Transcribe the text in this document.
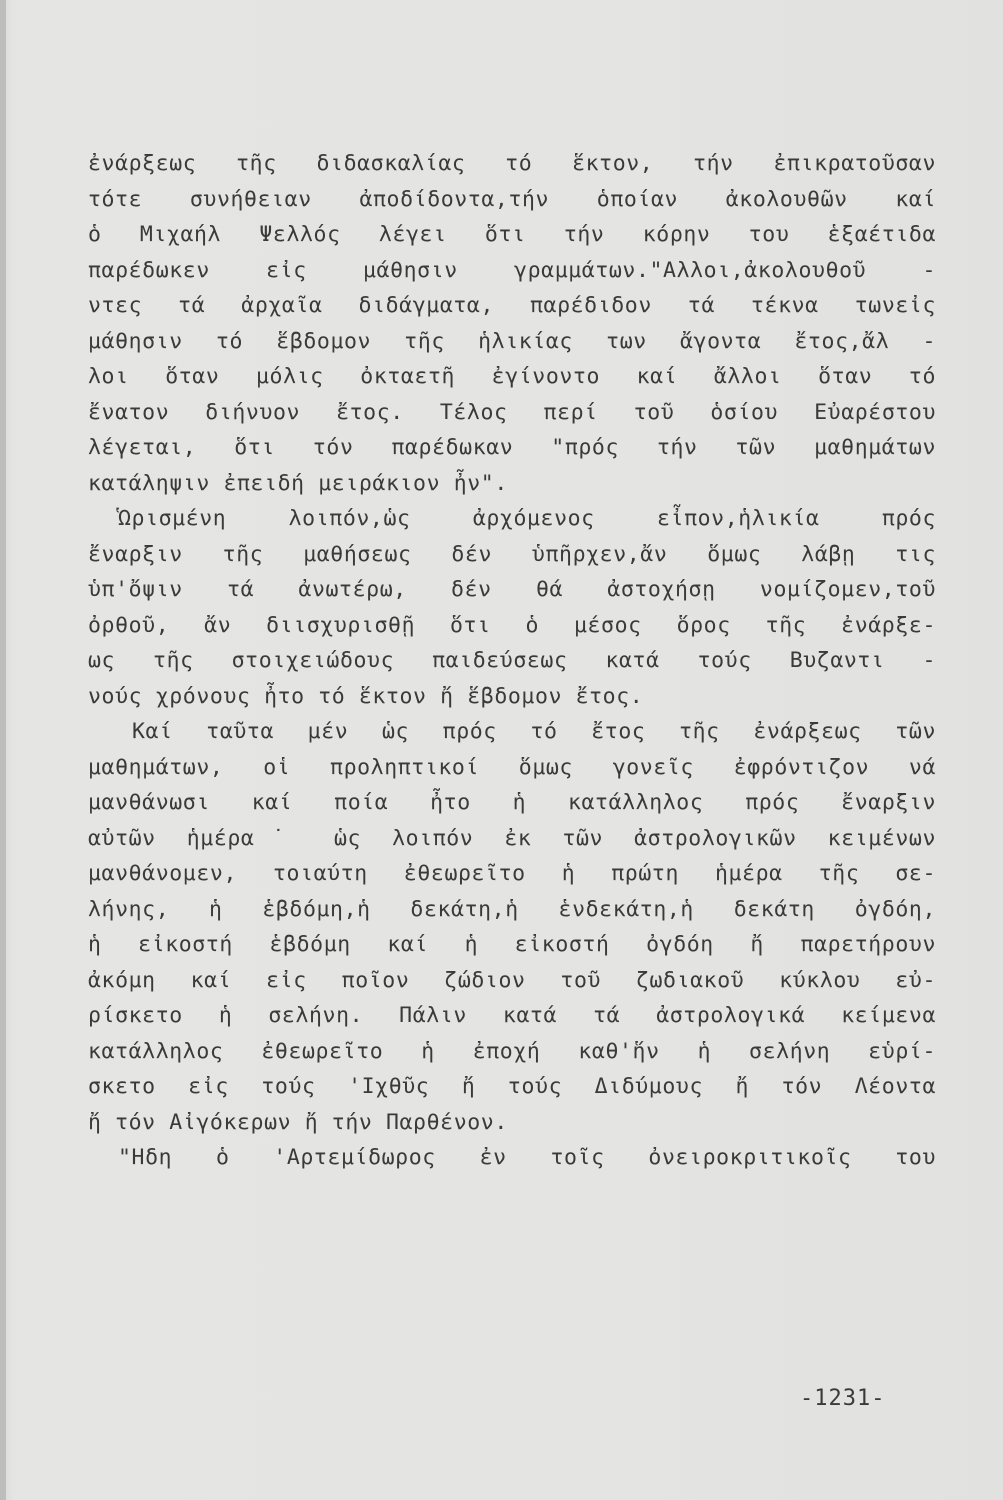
ἐνάρξεως τῆς διδασκαλίας τό ἕκτον, τήν ἐπικρατοῦσαν
τότε συνήθειαν ἀποδίδοντα,τήν ὁποίαν ἀκολουθῶν καί
ὁ Μιχαήλ Ψελλός λέγει ὅτι τήν κόρην του ἑξαέτιδα
παρέδωκεν εἰς μάθησιν γραμμάτων."Αλλοι,ἀκολουθοῦ -
ντες τά ἀρχαῖα διδάγματα, παρέδιδον τά τέκνα τωνεἰς
μάθησιν τό ἕβδομον τῆς ἡλικίας των ἄγοντα ἔτος,ἄλ -
λοι ὅταν μόλις ὀκταετῆ ἐγίνοντο καί ἄλλοι ὅταν τό
ἔνατον διήνυον ἔτος. Τέλος περί τοῦ ὁσίου Εὐαρέστου
λέγεται, ὅτι τόν παρέδωκαν "πρός τήν τῶν μαθημάτων
κατάληψιν ἐπειδή μειράκιον ἦν".
Ὡρισμένη λοιπόν,ὡς ἀρχόμενος εἶπον,ἡλικία πρός
ἔναρξιν τῆς μαθήσεως δέν ὑπῆρχεν,ἄν ὅμως λάβῃ τις
ὑπ'ὄψιν τά ἀνωτέρω, δέν θά ἀστοχήσῃ νομίζομεν,τοῦ
ὀρθοῦ, ἄν διισχυρισθῇ ὅτι ὁ μέσος ὅρος τῆς ἐνάρξε-
ως τῆς στοιχειώδους παιδεύσεως κατά τούς Βυζαντι -
νούς χρόνους ἦτο τό ἕκτον ἤ ἕβδομον ἔτος.
Καί ταῦτα μέν ὡς πρός τό ἔτος τῆς ἐνάρξεως τῶν
μαθημάτων, οἱ προληπτικοί ὅμως γονεῖς ἐφρόντιζον νά
μανθάνωσι καί ποία ἦτο ἡ κατάλληλος πρός ἔναρξιν
αὐτῶν ἡμέρα˙ ὡς λοιπόν ἐκ τῶν ἀστρολογικῶν κειμένων
μανθάνομεν, τοιαύτη ἐθεωρεῖτο ἡ πρώτη ἡμέρα τῆς σε-
λήνης, ἡ ἑβδόμη,ἡ δεκάτη,ἡ ἑνδεκάτη,ἡ δεκάτη ὀγδόη,
ἡ εἰκοστή ἑβδόμη καί ἡ εἰκοστή ὀγδόη ἤ παρετήρουν
ἀκόμη καί εἰς ποῖον ζώδιον τοῦ ζωδιακοῦ κύκλου εὐ-
ρίσκετο ἡ σελήνη. Πάλιν κατά τά ἀστρολογικά κείμενα
κατάλληλος ἐθεωρεῖτο ἡ ἐποχή καθ'ἥν ἡ σελήνη εὑρί-
σκετο εἰς τούς 'Ιχθῦς ἤ τούς Διδύμους ἤ τόν Λέοντα
ἤ τόν Αἰγόκερων ἤ τήν Παρθένον.
"Ηδη ὁ 'Αρτεμίδωρος ἐν τοῖς ὀνειροκριτικοῖς του
-1231-
